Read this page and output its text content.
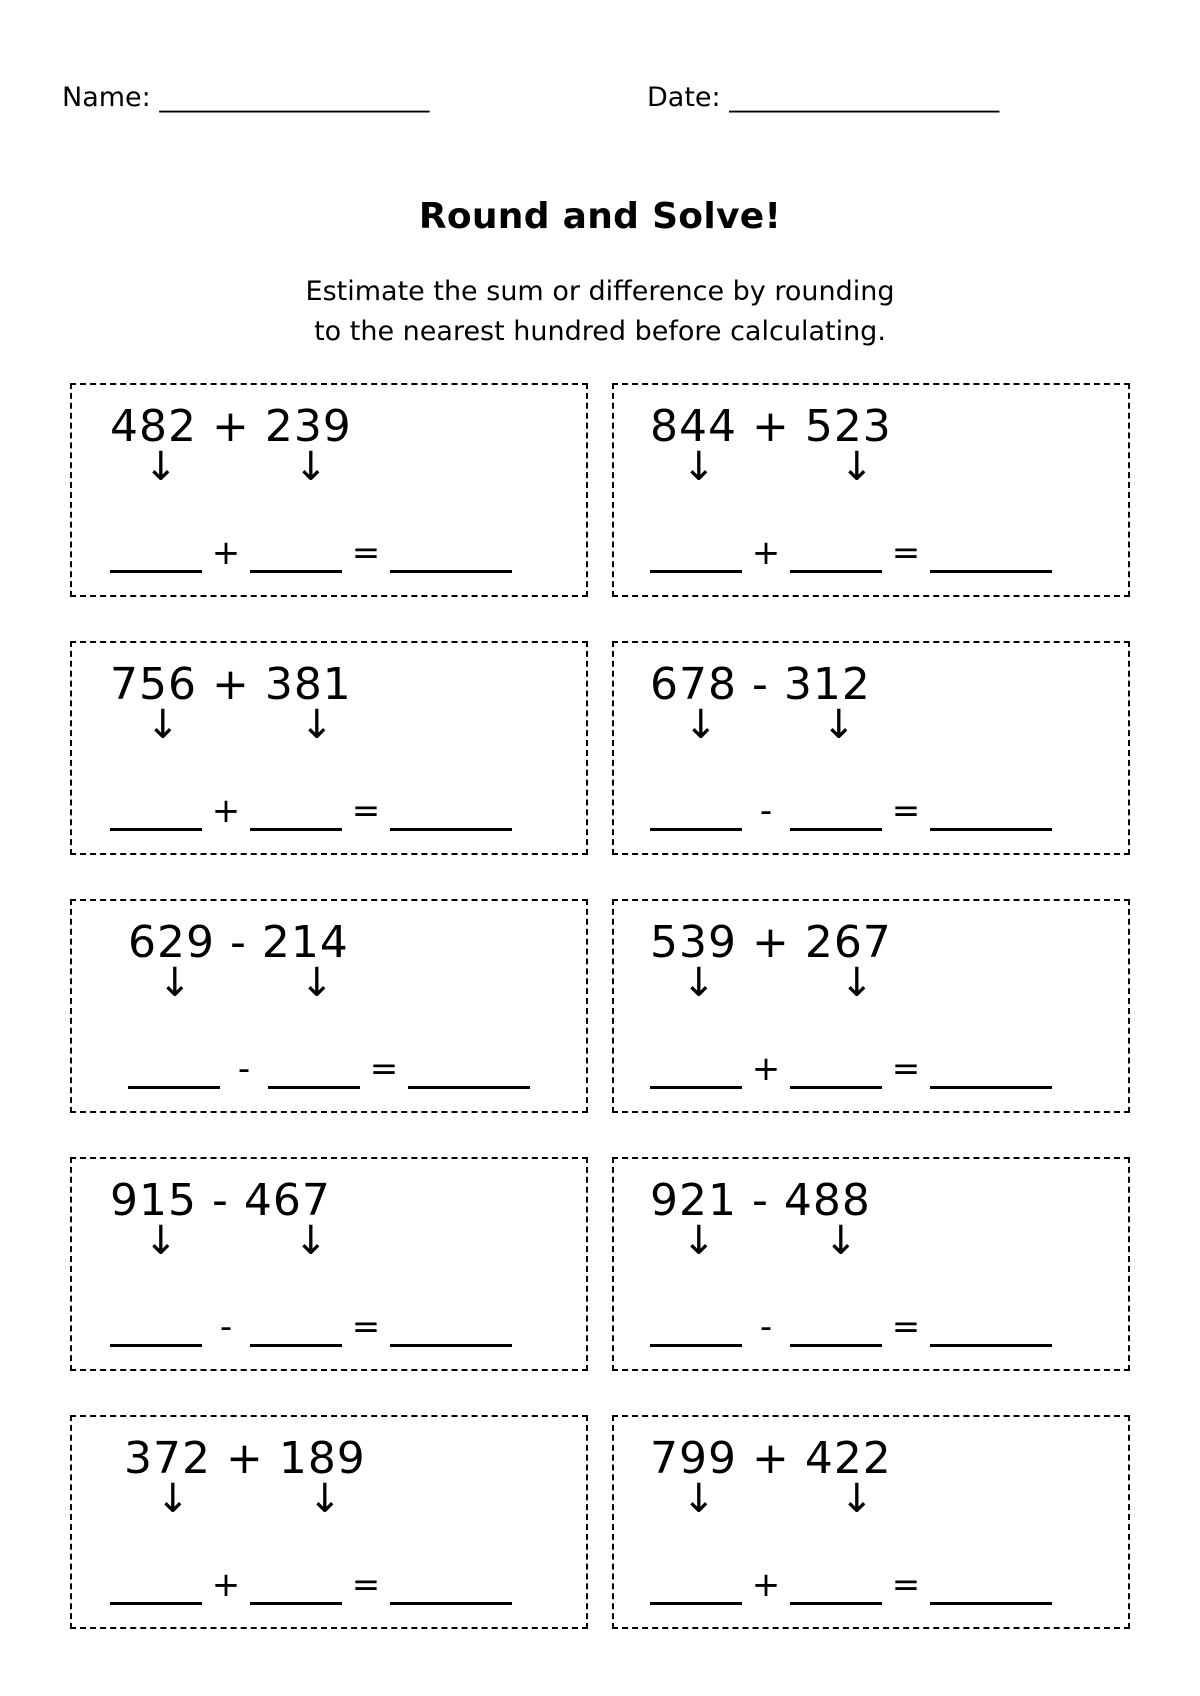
Name: ____________________	Date: ____________________
Round and Solve!
Estimate the sum or difference by rounding
to the nearest hundred before calculating.
482 + 239
↓	↓
+	=
844 + 523
↓	↓
+	=
756 + 381
↓	↓
+	=
678 - 312
↓	↓
-	=
629 - 214
↓	↓
-	=
539 + 267
↓	↓
+	=
915 - 467
↓	↓
-	=
921 - 488
↓	↓
-	=
372 + 189
↓	↓
+	=
799 + 422
↓	↓
+	=
